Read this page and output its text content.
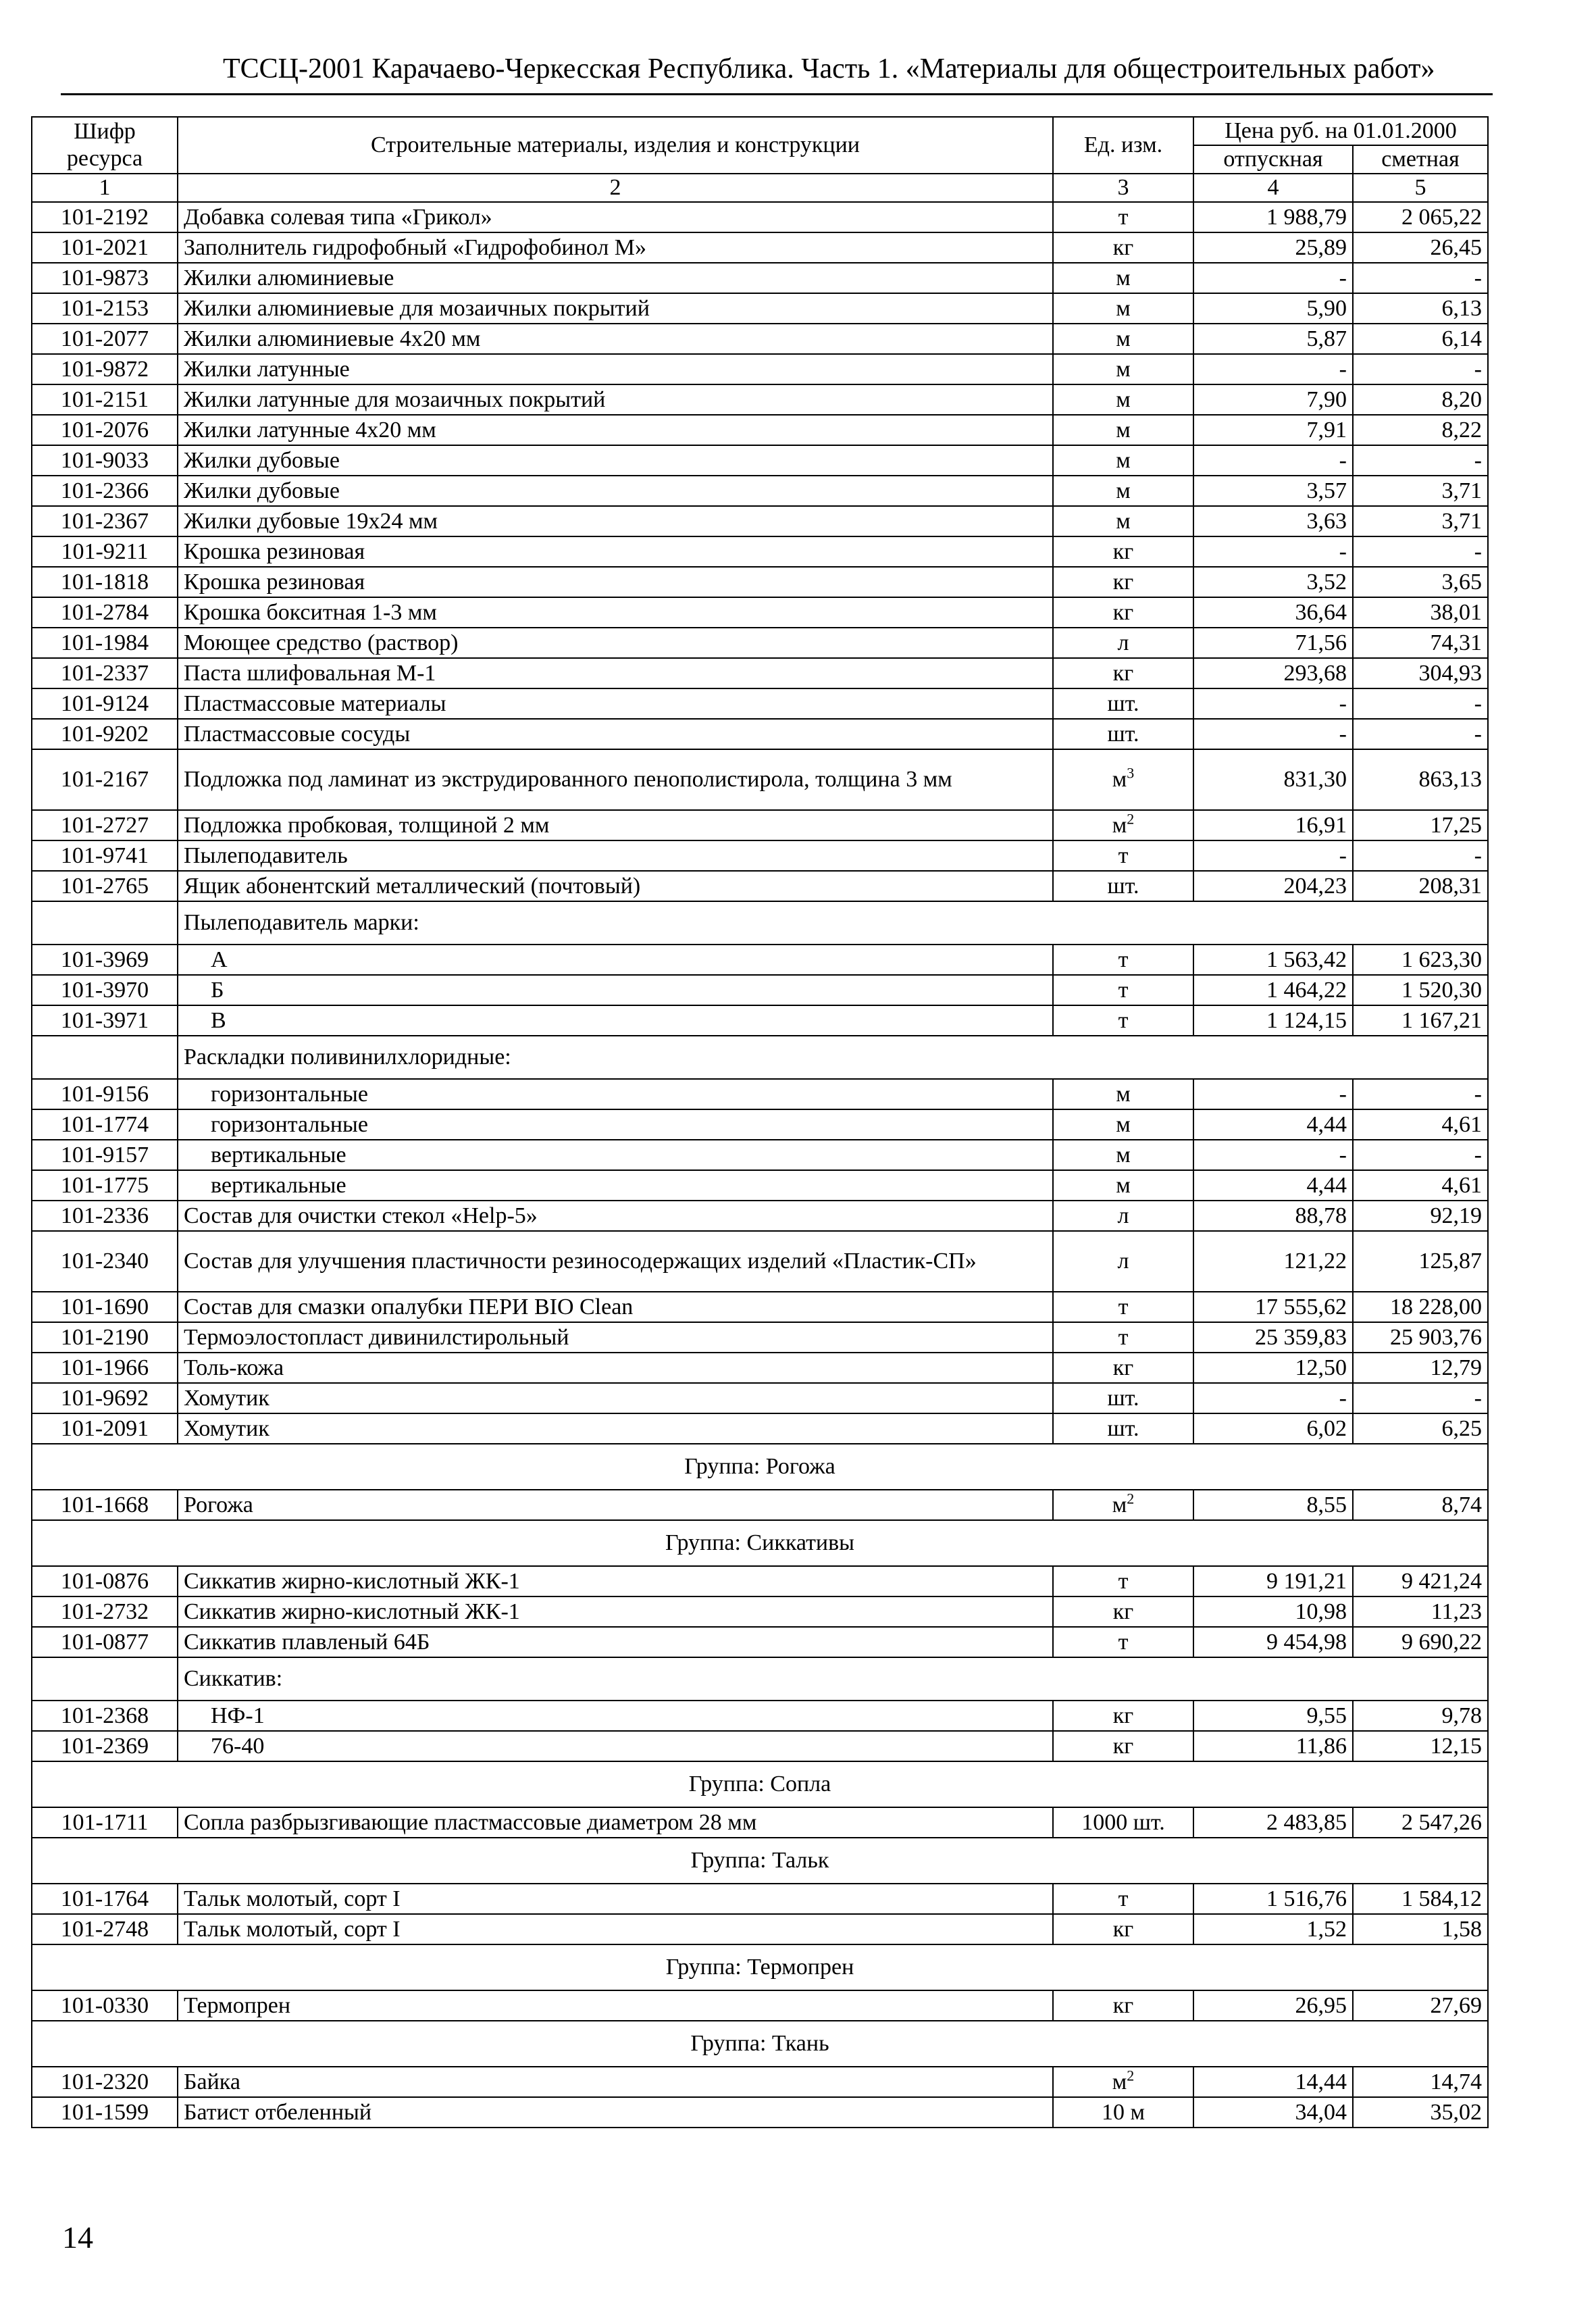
ТССЦ-2001 Карачаево-Черкесская Республика. Часть 1. «Материалы для общестроительных работ»
Шифр ресурса	Строительные материалы, изделия и конструкции	Ед. изм.	Цена руб. на 01.01.2000	
			отпускная	сметная
1	2	3	4	5
101-2192	Добавка солевая типа «Грикол»	т	1 988,79	2 065,22
101-2021	Заполнитель гидрофобный «Гидрофобинол М»	кг	25,89	26,45
101-9873	Жилки алюминиевые	м	-	-
101-2153	Жилки алюминиевые для мозаичных покрытий	м	5,90	6,13
101-2077	Жилки алюминиевые 4х20 мм	м	5,87	6,14
101-9872	Жилки латунные	м	-	-
101-2151	Жилки латунные для мозаичных покрытий	м	7,90	8,20
101-2076	Жилки латунные 4х20 мм	м	7,91	8,22
101-9033	Жилки дубовые	м	-	-
101-2366	Жилки дубовые	м	3,57	3,71
101-2367	Жилки дубовые 19х24 мм	м	3,63	3,71
101-9211	Крошка резиновая	кг	-	-
101-1818	Крошка резиновая	кг	3,52	3,65
101-2784	Крошка бокситная 1-3 мм	кг	36,64	38,01
101-1984	Моющее средство (раствор)	л	71,56	74,31
101-2337	Паста шлифовальная М-1	кг	293,68	304,93
101-9124	Пластмассовые материалы	шт.	-	-
101-9202	Пластмассовые сосуды	шт.	-	-
101-2167	Подложка под ламинат из экструдированного пенополистирола, толщина 3 мм	$м^3$	831,30	863,13
101-2727	Подложка пробковая, толщиной 2 мм	$м^2$	16,91	17,25
101-9741	Пылеподавитель	т	-	-
101-2765	Ящик абонентский металлический (почтовый)	шт.	204,23	208,31
	Пылеподавитель марки:			
101-3969	А	т	1 563,42	1 623,30
101-3970	Б	т	1 464,22	1 520,30
101-3971	В	т	1 124,15	1 167,21
	Раскладки поливинилхлоридные:			
101-9156	горизонтальные	м	-	-
101-1774	горизонтальные	м	4,44	4,61
101-9157	вертикальные	м	-	-
101-1775	вертикальные	м	4,44	4,61
101-2336	Состав для очистки стекол «Help-5»	л	88,78	92,19
101-2340	Состав для улучшения пластичности резиносодержащих изделий «Пластик-СП»	л	121,22	125,87
101-1690	Состав для смазки опалубки ПЕРИ BIO Clean	т	17 555,62	18 228,00
101-2190	Термоэлостопласт дивинилстирольный	т	25 359,83	25 903,76
101-1966	Толь-кожа	кг	12,50	12,79
101-9692	Хомутик	шт.	-	-
101-2091	Хомутик	шт.	6,02	6,25
Группа: Рогожа				
101-1668	Рогожа	$м^2$	8,55	8,74
Группа: Сиккативы				
101-0876	Сиккатив жирно-кислотный ЖК-1	т	9 191,21	9 421,24
101-2732	Сиккатив жирно-кислотный ЖК-1	кг	10,98	11,23
101-0877	Сиккатив плавленый 64Б	т	9 454,98	9 690,22
	Сиккатив:			
101-2368	НФ-1	кг	9,55	9,78
101-2369	76-40	кг	11,86	12,15
Группа: Сопла				
101-1711	Сопла разбрызгивающие пластмассовые диаметром 28 мм	1000 шт.	2 483,85	2 547,26
Группа: Тальк				
101-1764	Тальк молотый, сорт I	т	1 516,76	1 584,12
101-2748	Тальк молотый, сорт I	кг	1,52	1,58
Группа: Термопрен				
101-0330	Термопрен	кг	26,95	27,69
Группа: Ткань				
101-2320	Байка	$м^2$	14,44	14,74
101-1599	Батист отбеленный	10 м	34,04	35,02
14
